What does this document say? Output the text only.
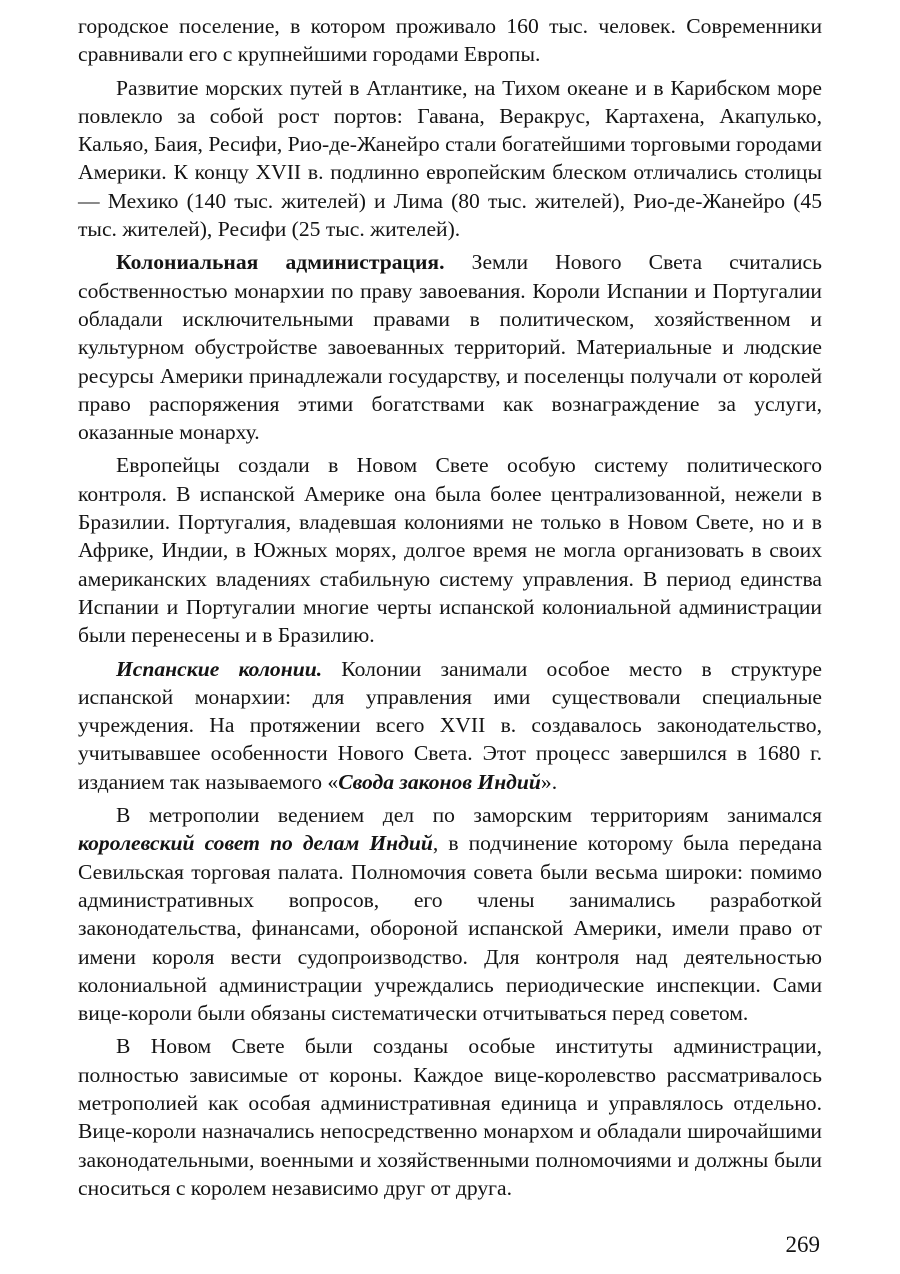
городское поселение, в котором проживало 160 тыс. человек. Современники сравнивали его с крупнейшими городами Европы.

Развитие морских путей в Атлантике, на Тихом океане и в Карибском море повлекло за собой рост портов: Гавана, Веракрус, Картахена, Акапулько, Кальяо, Баия, Ресифи, Рио-де-Жанейро стали богатейшими торговыми городами Америки. К концу XVII в. подлинно европейским блеском отличались столицы — Мехико (140 тыс. жителей) и Лима (80 тыс. жителей), Рио-де-Жанейро (45 тыс. жителей), Ресифи (25 тыс. жителей).

Колониальная администрация. Земли Нового Света считались собственностью монархии по праву завоевания. Короли Испании и Португалии обладали исключительными правами в политическом, хозяйственном и культурном обустройстве завоеванных территорий. Материальные и людские ресурсы Америки принадлежали государству, и поселенцы получали от королей право распоряжения этими богатствами как вознаграждение за услуги, оказанные монарху.

Европейцы создали в Новом Свете особую систему политического контроля. В испанской Америке она была более централизованной, нежели в Бразилии. Португалия, владевшая колониями не только в Новом Свете, но и в Африке, Индии, в Южных морях, долгое время не могла организовать в своих американских владениях стабильную систему управления. В период единства Испании и Португалии многие черты испанской колониальной администрации были перенесены и в Бразилию.

Испанские колонии. Колонии занимали особое место в структуре испанской монархии: для управления ими существовали специальные учреждения. На протяжении всего XVII в. создавалось законодательство, учитывавшее особенности Нового Света. Этот процесс завершился в 1680 г. изданием так называемого «Свода законов Индий».

В метрополии ведением дел по заморским территориям занимался королевский совет по делам Индий, в подчинение которому была передана Севильская торговая палата. Полномочия совета были весьма широки: помимо административных вопросов, его члены занимались разработкой законодательства, финансами, обороной испанской Америки, имели право от имени короля вести судопроизводство. Для контроля над деятельностью колониальной администрации учреждались периодические инспекции. Сами вице-короли были обязаны систематически отчитываться перед советом.

В Новом Свете были созданы особые институты администрации, полностью зависимые от короны. Каждое вице-королевство рассматривалось метрополией как особая административная единица и управлялось отдельно. Вице-короли назначались непосредственно монархом и обладали широчайшими законодательными, военными и хозяйственными полномочиями и должны были сноситься с королем независимо друг от друга.

269
